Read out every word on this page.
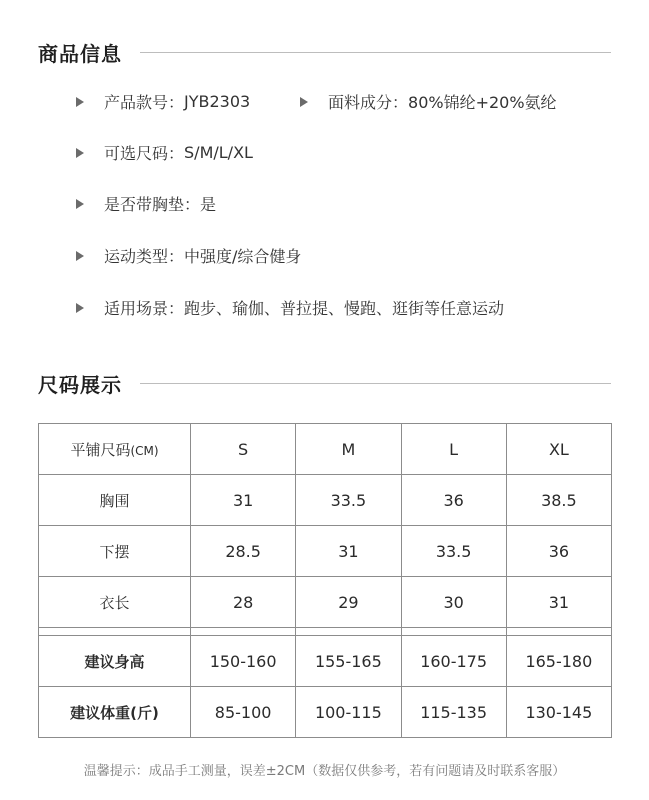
商品信息
产品款号： JYB2303	面料成分： 80%锦纶+20%氨纶
可选尺码： S/M/L/XL
是否带胸垫： 是
运动类型： 中强度/综合健身
适用场景： 跑步、瑜伽、普拉提、慢跑、逛街等任意运动
尺码展示
平铺尺码(CM)	S	M	L	XL
胸围	31	33.5	36	38.5
下摆	28.5	31	33.5	36
衣长	28	29	30	31

建议身高	150-160	155-165	160-175	165-180
建议体重(斤)	85-100	100-115	115-135	130-145
温馨提示：成品手工测量，误差±2CM（数据仅供参考，若有问题请及时联系客服）
